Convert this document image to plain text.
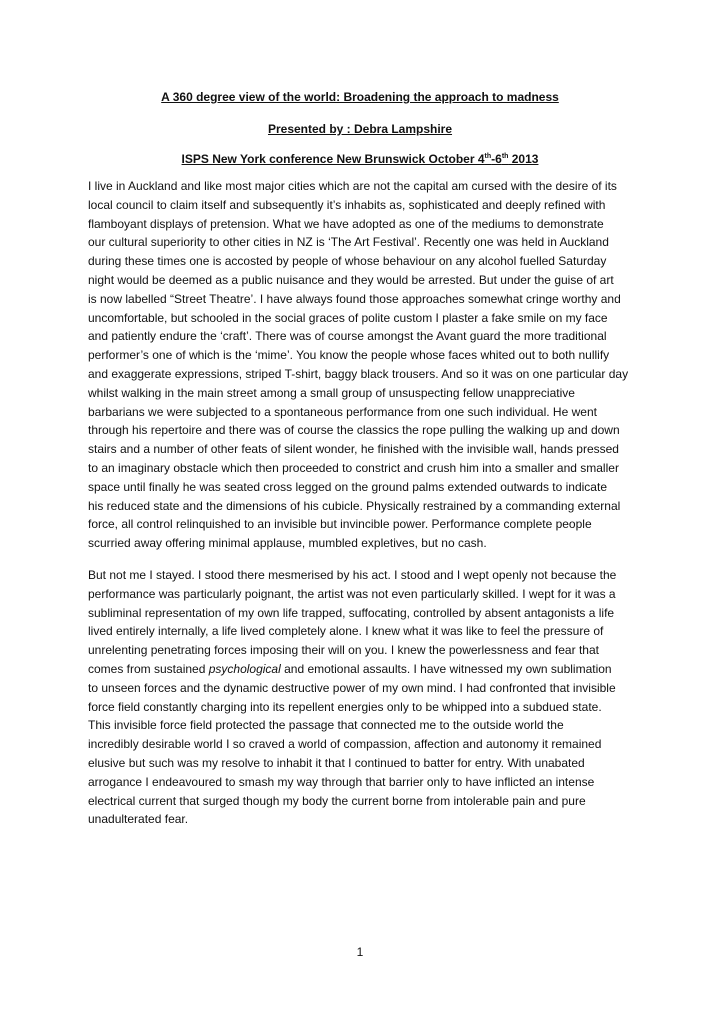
A 360 degree view of the world: Broadening the approach to madness
Presented by : Debra Lampshire
ISPS New York conference New Brunswick October 4th-6th 2013
I live in Auckland and like most major cities which are not the capital am cursed with the desire of its
local council to claim itself and subsequently it’s inhabits as, sophisticated and deeply refined with
flamboyant displays of pretension. What we have adopted as one of the mediums to demonstrate
our cultural superiority to other cities in NZ is ‘The Art Festival’. Recently one was held in Auckland
during these times one is accosted by people of whose behaviour on any alcohol fuelled Saturday
night would be deemed as a public nuisance and they would be arrested. But under the guise of art
is now labelled “Street Theatre’. I have always found those approaches somewhat cringe worthy and
uncomfortable, but schooled in the social graces of polite custom I plaster a fake smile on my face
and patiently endure the ‘craft’. There was of course amongst the Avant guard the more traditional
performer’s one of which is the ‘mime’. You know the people whose faces whited out to both nullify
and exaggerate expressions, striped T-shirt, baggy black trousers. And so it was on one particular day
whilst walking in the main street among a small group of unsuspecting fellow unappreciative
barbarians we were subjected to a spontaneous performance from one such individual. He went
through his repertoire and there was of course the classics the rope pulling the walking up and down
stairs and a number of other feats of silent wonder, he finished with the invisible wall, hands pressed
to an imaginary obstacle which then proceeded to constrict and crush him into a smaller and smaller
space until finally he was seated cross legged on the ground palms extended outwards to indicate
his reduced state and the dimensions of his cubicle. Physically restrained by a commanding external
force, all control relinquished to an invisible but invincible power. Performance complete people
scurried away offering minimal applause, mumbled expletives, but no cash.
But not me I stayed. I stood there mesmerised by his act. I stood and I wept openly not because the
performance was particularly poignant, the artist was not even particularly skilled. I wept for it was a
subliminal representation of my own life trapped, suffocating, controlled by absent antagonists a life
lived entirely internally, a life lived completely alone. I knew what it was like to feel the pressure of
unrelenting penetrating forces imposing their will on you. I knew the powerlessness and fear that
comes from sustained psychological and emotional assaults. I have witnessed my own sublimation
to unseen forces and the dynamic destructive power of my own mind. I had confronted that invisible
force field constantly charging into its repellent energies only to be whipped into a subdued state.
This invisible force field protected the passage that connected me to the outside world the
incredibly desirable world I so craved a world of compassion, affection and autonomy it remained
elusive but such was my resolve to inhabit it that I continued to batter for entry. With unabated
arrogance I endeavoured to smash my way through that barrier only to have inflicted an intense
electrical current that surged though my body the current borne from intolerable pain and pure
unadulterated fear.
1
